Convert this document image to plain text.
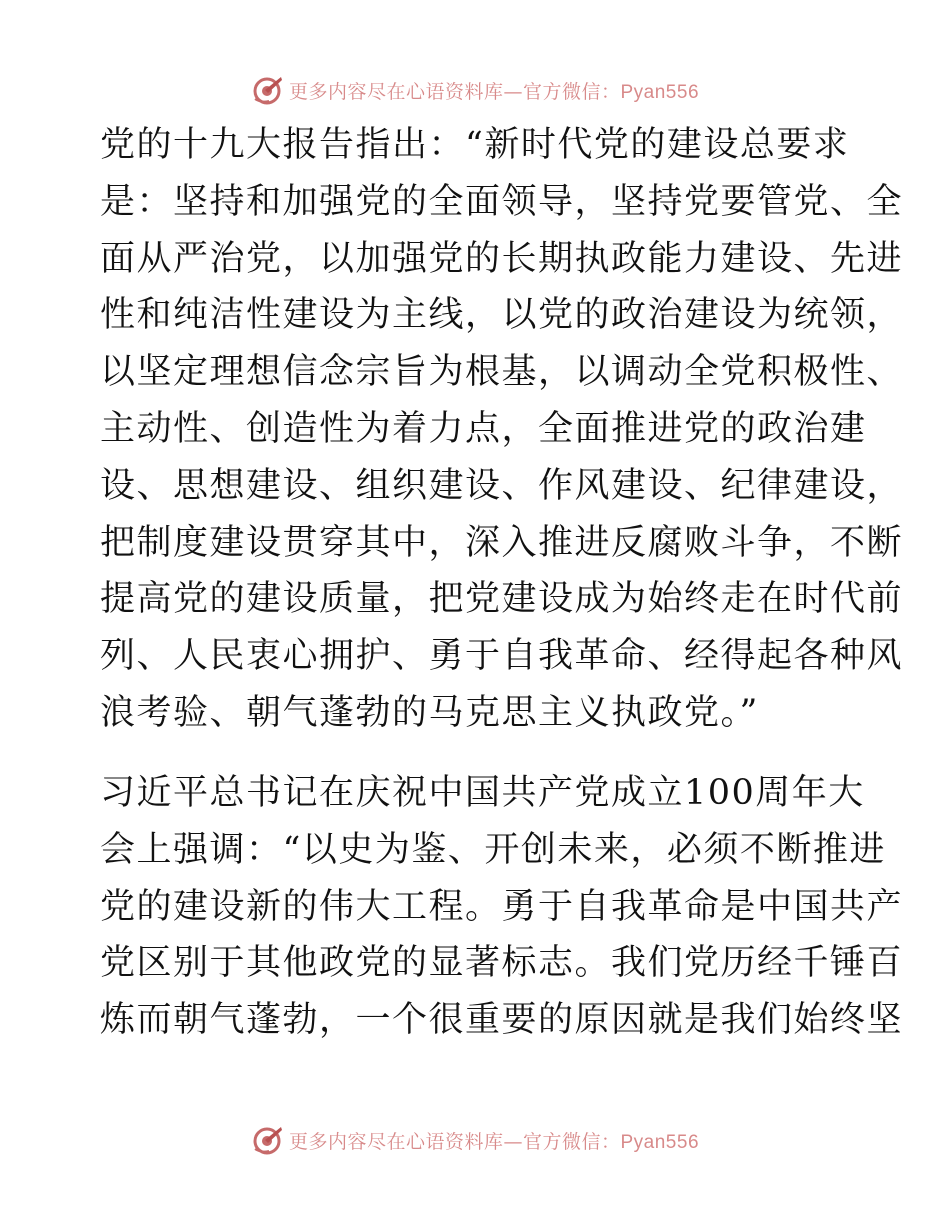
更多内容尽在心语资料库—官方微信：Pyan556
党的十九大报告指出：“新时代党的建设总要求
是：坚持和加强党的全面领导，坚持党要管党、全
面从严治党，以加强党的长期执政能力建设、先进
性和纯洁性建设为主线，以党的政治建设为统领，
以坚定理想信念宗旨为根基，以调动全党积极性、
主动性、创造性为着力点，全面推进党的政治建
设、思想建设、组织建设、作风建设、纪律建设，
把制度建设贯穿其中，深入推进反腐败斗争，不断
提高党的建设质量，把党建设成为始终走在时代前
列、人民衷心拥护、勇于自我革命、经得起各种风
浪考验、朝气蓬勃的马克思主义执政党。”
习近平总书记在庆祝中国共产党成立100周年大
会上强调：“以史为鉴、开创未来，必须不断推进
党的建设新的伟大工程。勇于自我革命是中国共产
党区别于其他政党的显著标志。我们党历经千锤百
炼而朝气蓬勃，一个很重要的原因就是我们始终坚
更多内容尽在心语资料库—官方微信：Pyan556
